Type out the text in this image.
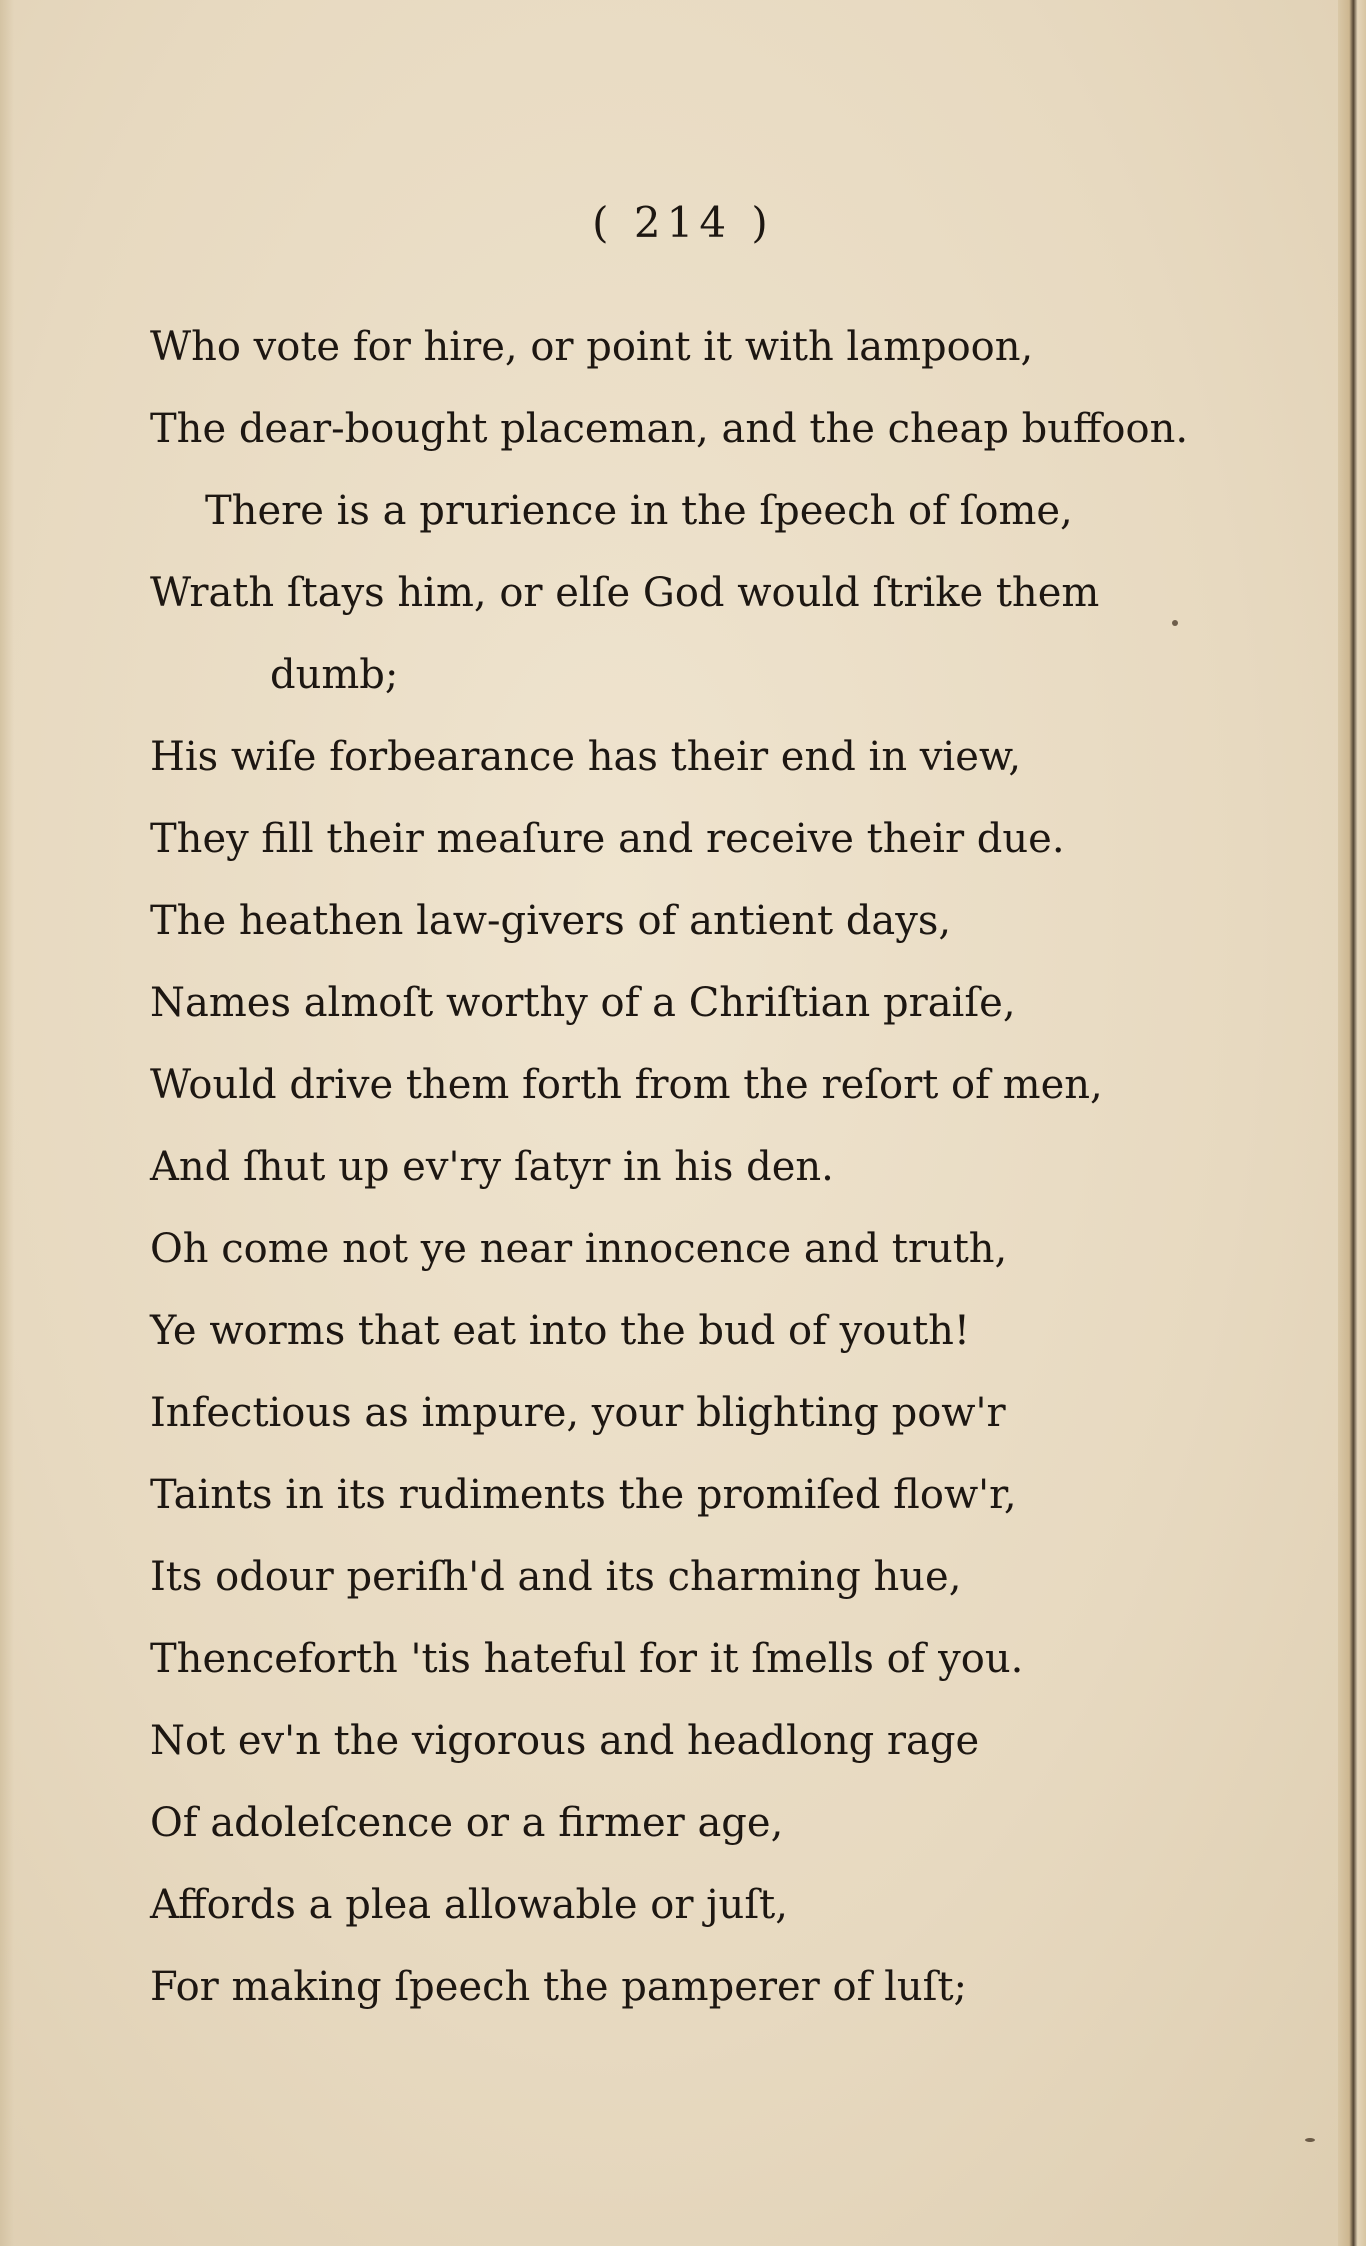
( 214 )
Who vote for hire, or point it with lampoon,
The dear-bought placeman, and the cheap buffoon.
There is a prurience in the ſpeech of ſome,
Wrath ſtays him, or elſe God would ſtrike them
dumb;
His wiſe forbearance has their end in view,
They fill their meaſure and receive their due.
The heathen law-givers of antient days,
Names almoſt worthy of a Chriſtian praiſe,
Would drive them forth from the reſort of men,
And ſhut up ev'ry ſatyr in his den.
Oh come not ye near innocence and truth,
Ye worms that eat into the bud of youth!
Infectious as impure, your blighting pow'r
Taints in its rudiments the promiſed flow'r,
Its odour periſh'd and its charming hue,
Thenceforth 'tis hateful for it ſmells of you.
Not ev'n the vigorous and headlong rage
Of adoleſcence or a firmer age,
Affords a plea allowable or juſt,
For making ſpeech the pamperer of luſt;
